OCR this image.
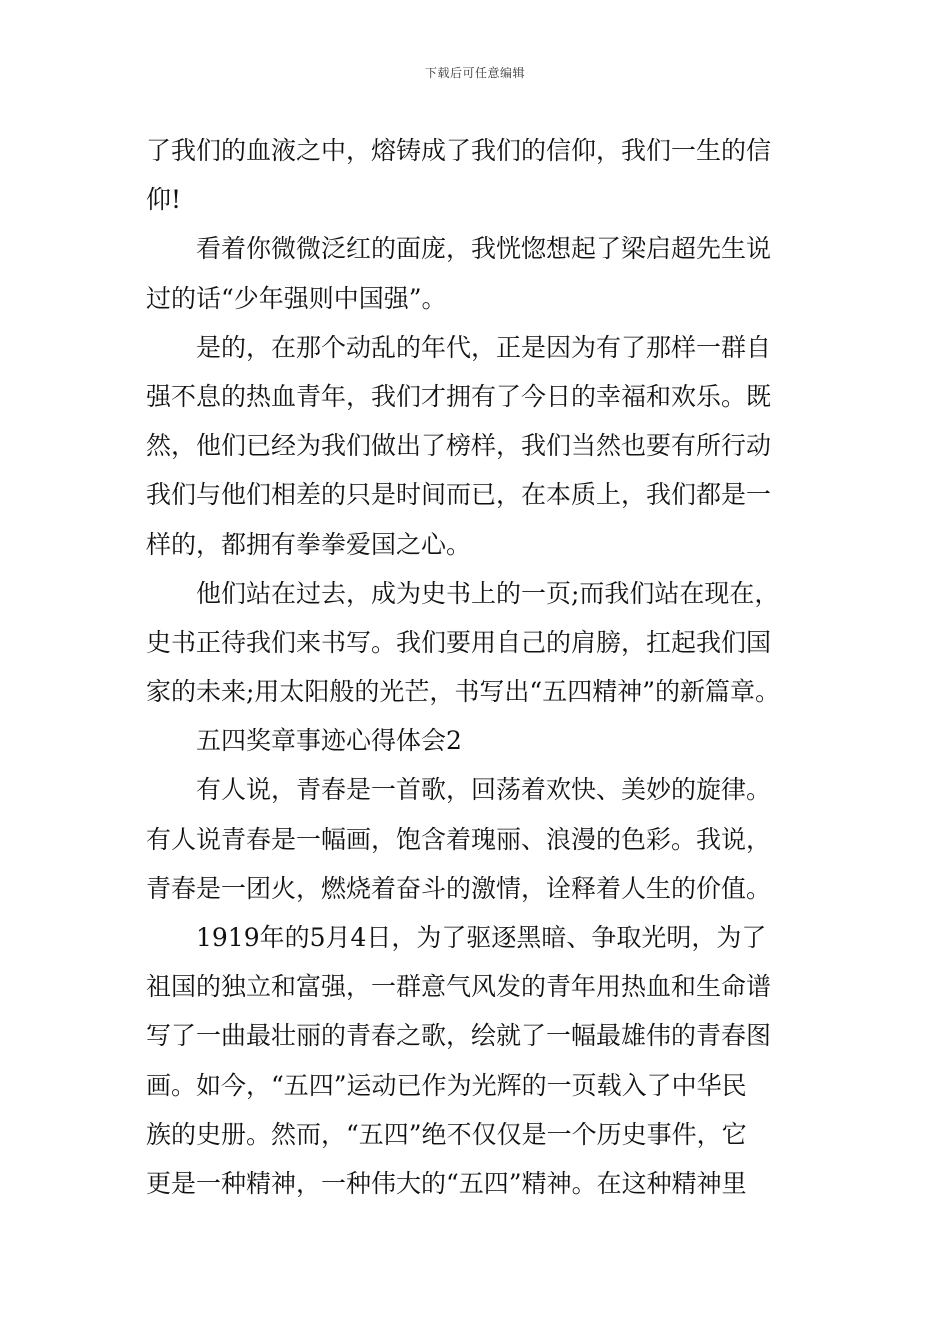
下载后可任意编辑
了我们的血液之中，熔铸成了我们的信仰，我们一生的信
仰!
看着你微微泛红的面庞，我恍惚想起了梁启超先生说
过的话“少年强则中国强”。
是的，在那个动乱的年代，正是因为有了那样一群自
强不息的热血青年，我们才拥有了今日的幸福和欢乐。既
然，他们已经为我们做出了榜样，我们当然也要有所行动
我们与他们相差的只是时间而已，在本质上，我们都是一
样的，都拥有拳拳爱国之心。
他们站在过去，成为史书上的一页;而我们站在现在，
史书正待我们来书写。我们要用自己的肩膀，扛起我们国
家的未来;用太阳般的光芒，书写出“五四精神”的新篇章。
五四奖章事迹心得体会2
有人说，青春是一首歌，回荡着欢快、美妙的旋律。
有人说青春是一幅画，饱含着瑰丽、浪漫的色彩。我说，
青春是一团火，燃烧着奋斗的激情，诠释着人生的价值。
1919年的5月4日，为了驱逐黑暗、争取光明，为了
祖国的独立和富强，一群意气风发的青年用热血和生命谱
写了一曲最壮丽的青春之歌，绘就了一幅最雄伟的青春图
画。如今，“五四”运动已作为光辉的一页载入了中华民
族的史册。然而，“五四”绝不仅仅是一个历史事件，它
更是一种精神，一种伟大的“五四”精神。在这种精神里
